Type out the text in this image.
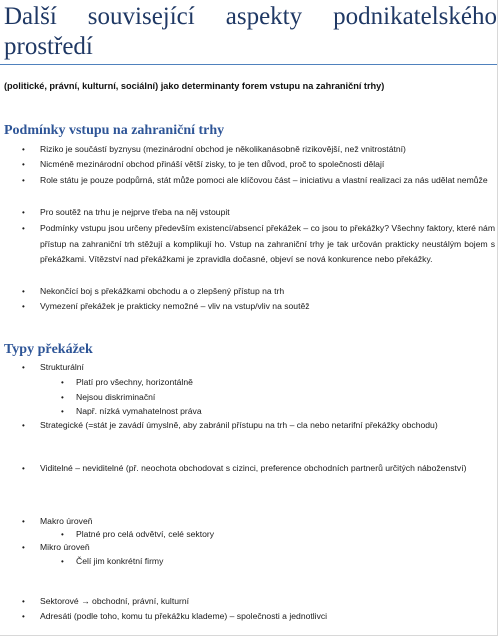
Další související aspekty podnikatelského prostředí
(politické, právní, kulturní, sociální) jako determinanty forem vstupu na zahraniční trhy)
Podmínky vstupu na zahraniční trhy
• Riziko je součástí byznysu (mezinárodní obchod je několikanásobně rizikovější, než vnitrostátní)
• Nicméně mezinárodní obchod přináší větší zisky, to je ten důvod, proč to společnosti dělají
• Role státu je pouze podpůrná, stát může pomoci ale klíčovou část – iniciativu a vlastní realizaci za nás udělat nemůže
• Pro soutěž na trhu je nejprve třeba na něj vstoupit
• Podmínky vstupu jsou určeny především existencí/absencí překážek – co jsou to překážky? Všechny faktory, které nám přístup na zahraniční trh stěžují a komplikují ho. Vstup na zahraniční trhy je tak určován prakticky neustálým bojem s překážkami. Vítězství nad překážkami je zpravidla dočasné, objeví se nová konkurence nebo překážky.
• Nekončící boj s překážkami obchodu a o zlepšený přístup na trh
• Vymezení překážek je prakticky nemožné – vliv na vstup/vliv na soutěž
Typy překážek
• Strukturální
• Platí pro všechny, horizontálně
• Nejsou diskriminační
• Např. nízká vymahatelnost práva
• Strategické (=stát je zavádí úmyslně, aby zabránil přístupu na trh – cla nebo netarifní překážky obchodu)
• Viditelné – neviditelné (př. neochota obchodovat s cizinci, preference obchodních partnerů určitých náboženství)
• Makro úroveň
• Platné pro celá odvětví, celé sektory
• Mikro úroveň
• Čelí jim konkrétní firmy
• Sektorové → obchodní, právní, kulturní
• Adresáti (podle toho, komu tu překážku klademe) – společnosti a jednotlivci
